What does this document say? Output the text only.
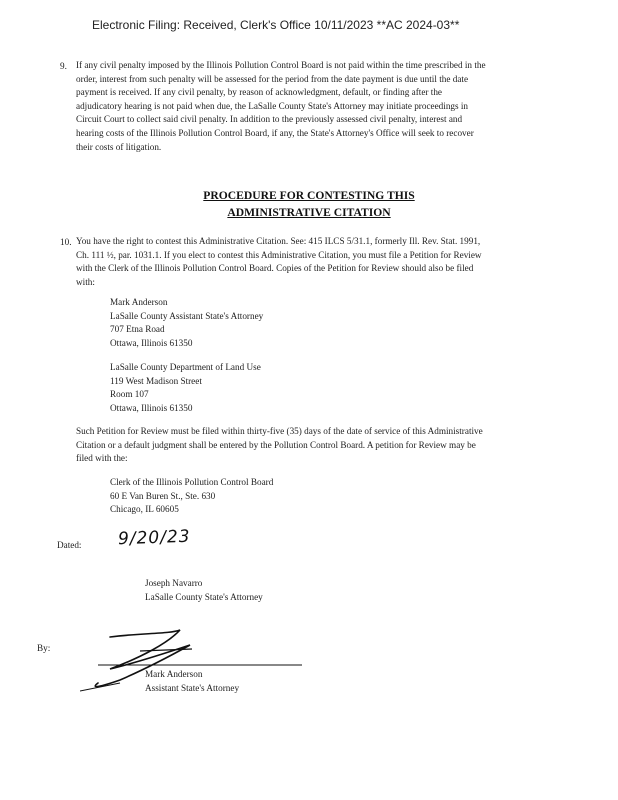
Electronic Filing: Received, Clerk's Office 10/11/2023 **AC 2024-03**
9. If any civil penalty imposed by the Illinois Pollution Control Board is not paid within the time prescribed in the
order, interest from such penalty will be assessed for the period from the date payment is due until the date
payment is received. If any civil penalty, by reason of acknowledgment, default, or finding after the
adjudicatory hearing is not paid when due, the LaSalle County State's Attorney may initiate proceedings in
Circuit Court to collect said civil penalty. In addition to the previously assessed civil penalty, interest and
hearing costs of the Illinois Pollution Control Board, if any, the State's Attorney's Office will seek to recover
their costs of litigation.
PROCEDURE FOR CONTESTING THIS
ADMINISTRATIVE CITATION
10. You have the right to contest this Administrative Citation. See: 415 ILCS 5/31.1, formerly Ill. Rev. Stat. 1991,
Ch. 111 ½, par. 1031.1. If you elect to contest this Administrative Citation, you must file a Petition for Review
with the Clerk of the Illinois Pollution Control Board. Copies of the Petition for Review should also be filed
with:
Mark Anderson
LaSalle County Assistant State's Attorney
707 Etna Road
Ottawa, Illinois 61350
LaSalle County Department of Land Use
119 West Madison Street
Room 107
Ottawa, Illinois 61350
Such Petition for Review must be filed within thirty-five (35) days of the date of service of this Administrative
Citation or a default judgment shall be entered by the Pollution Control Board. A petition for Review may be
filed with the:
Clerk of the Illinois Pollution Control Board
60 E Van Buren St., Ste. 630
Chicago, IL 60605
Dated: 9/20/23
Joseph Navarro
LaSalle County State's Attorney
By:
Mark Anderson
Assistant State's Attorney
